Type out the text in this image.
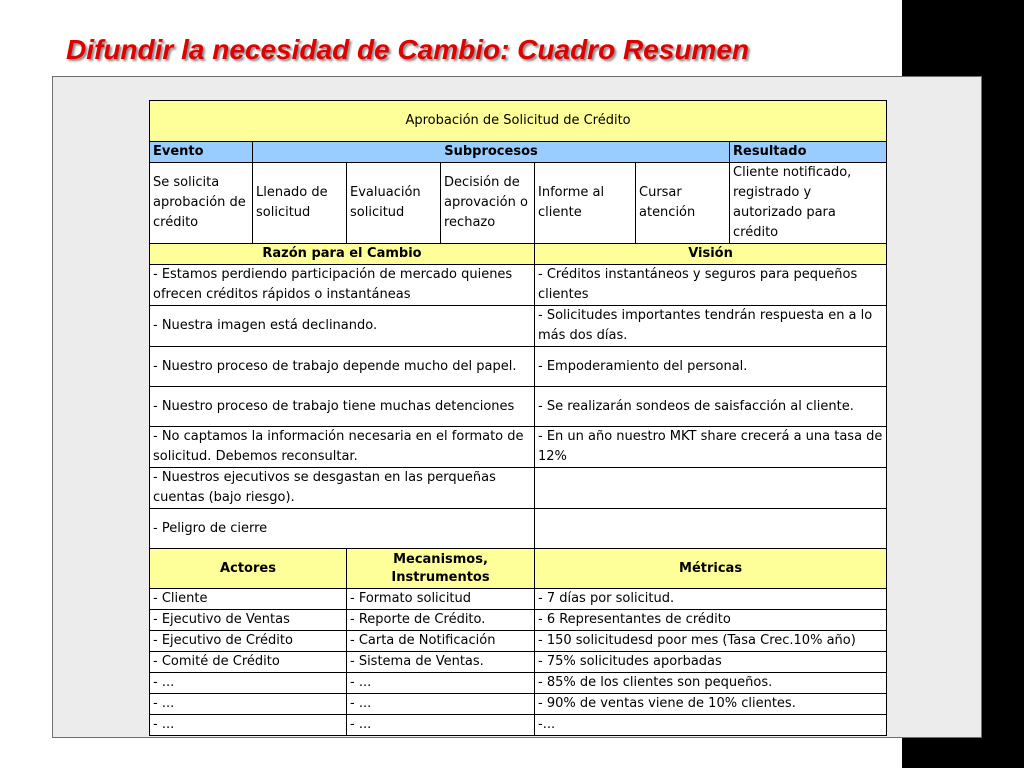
Difundir la necesidad de Cambio: Cuadro Resumen
Aprobación de Solicitud de Crédito						
Evento	Subprocesos					Resultado
Se solicita aprobación de crédito	Llenado de solicitud	Evaluación solicitud	Decisión de aprovación o rechazo	Informe al cliente	Cursar atención	Cliente notificado, registrado y autorizado para crédito
Razón para el Cambio				Visión		
- Estamos perdiendo participación de mercado quienes ofrecen créditos rápidos o instantáneas				- Créditos instantáneos y seguros para pequeños clientes		
- Nuestra imagen está declinando.				- Solicitudes importantes tendrán respuesta en a lo más dos días.		
- Nuestro proceso de trabajo depende mucho del papel.				- Empoderamiento del personal.		
- Nuestro proceso de trabajo tiene muchas detenciones				- Se realizarán sondeos de saisfacción al cliente.		
- No captamos la información necesaria en el formato de solicitud. Debemos reconsultar.				- En un año nuestro MKT share crecerá a una tasa de 12%		
- Nuestros ejecutivos se desgastan en las perqueñas cuentas (bajo riesgo).						
- Peligro de cierre						
Actores		Mecanismos, Instrumentos		Métricas		
- Cliente		- Formato solicitud		- 7 días por solicitud.		
- Ejecutivo de Ventas		- Reporte de Crédito.		- 6 Representantes de crédito		
- Ejecutivo de Crédito		- Carta de Notificación		- 150 solicitudesd poor mes (Tasa Crec.10% año)		
- Comité de Crédito		- Sistema de Ventas.		- 75% solicitudes aporbadas		
- ...		- ...		- 85% de los clientes son pequeños.		
- ...		- ...		- 90% de ventas viene de 10% clientes.		
- ...		- ...		-...		
